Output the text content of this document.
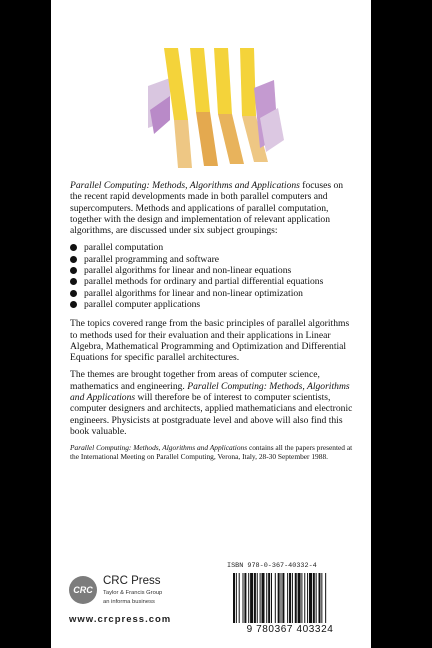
Parallel Computing: Methods, Algorithms and Applications focuses on the recent rapid developments made in both parallel computers and supercomputers. Methods and applications of parallel computation, together with the design and implementation of relevant application algorithms, are discussed under six subject groupings:

parallel computation
parallel programming and software
parallel algorithms for linear and non-linear equations
parallel methods for ordinary and partial differential equations
parallel algorithms for linear and non-linear optimization
parallel computer applications

The topics covered range from the basic principles of parallel algorithms to methods used for their evaluation and their applications in Linear Algebra, Mathematical Programming and Optimization and Differential Equations for specific parallel architectures.

The themes are brought together from areas of computer science, mathematics and engineering. Parallel Computing: Methods, Algorithms and Applications will therefore be of interest to computer scientists, computer designers and architects, applied mathematicians and electronic engineers. Physicists at postgraduate level and above will also find this book valuable.

Parallel Computing: Methods, Algorithms and Applications contains all the papers presented at the International Meeting on Parallel Computing, Verona, Italy, 28-30 September 1988.

CRC
CRC Press
Taylor & Francis Group
an informa business
www.crcpress.com
ISBN 978-0-367-40332-4
9 780367 403324
